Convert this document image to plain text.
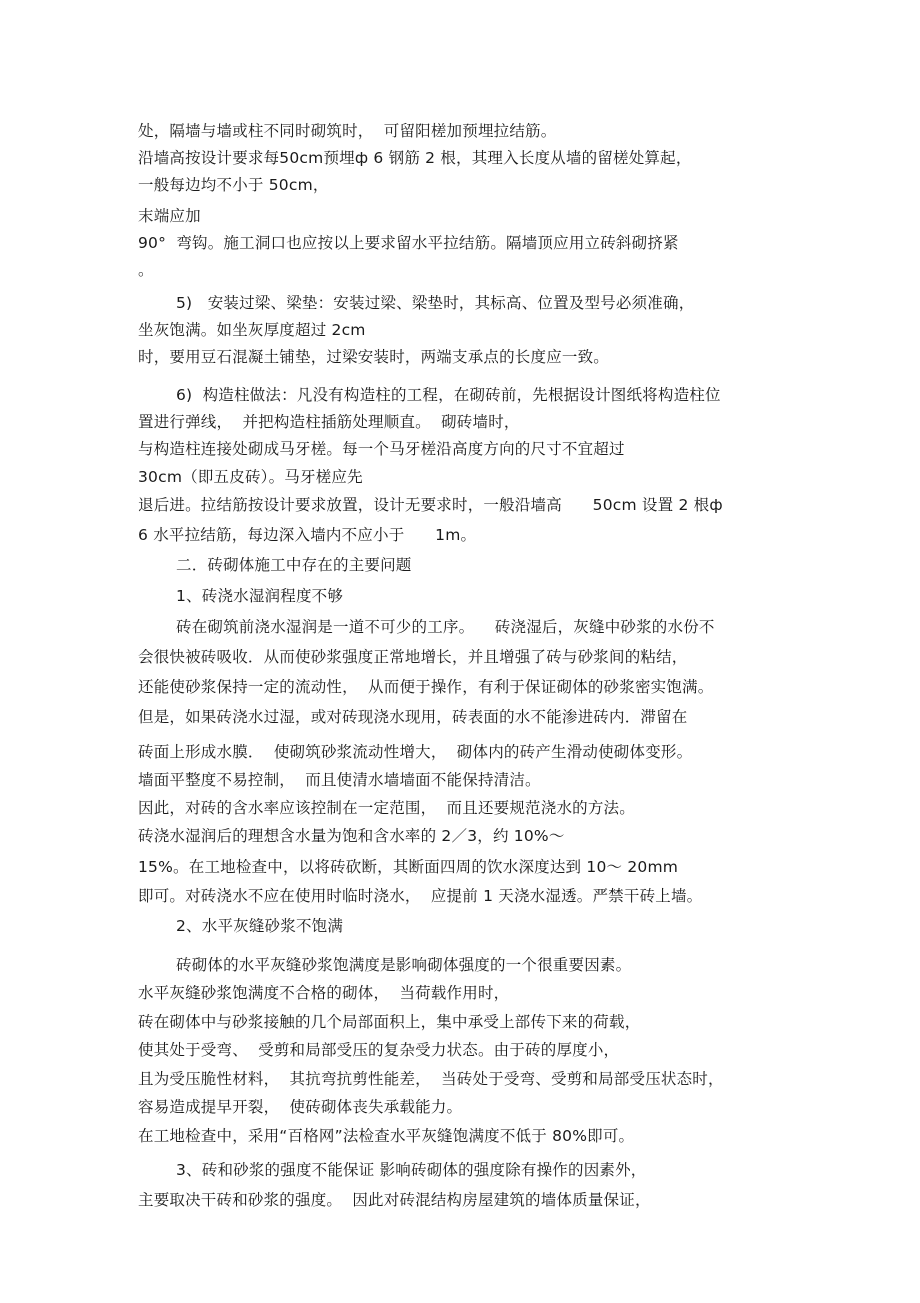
处，隔墙与墙或柱不同时砌筑时，  可留阳槎加预埋拉结筋。
沿墙高按设计要求每50cm预埋ф 6 钢筋 2 根，其理入长度从墙的留槎处算起，
一般每边均不小于 50cm，
末端应加
90°  弯钩。施工洞口也应按以上要求留水平拉结筋。隔墙顶应用立砖斜砌挤紧
。
5)   安装过梁、梁垫：安装过梁、梁垫时，其标高、位置及型号必须准确，
坐灰饱满。如坐灰厚度超过 2cm
时，要用豆石混凝土铺垫，过梁安装时，两端支承点的长度应一致。
6)  构造柱做法：凡没有构造柱的工程，在砌砖前，先根据设计图纸将构造柱位
置进行弹线，  并把构造柱插筋处理顺直。  砌砖墙时，
与构造柱连接处砌成马牙槎。每一个马牙槎沿高度方向的尺寸不宜超过
30cm（即五皮砖）。马牙槎应先
退后进。拉结筋按设计要求放置，设计无要求时，一般沿墙高      50cm 设置 2 根ф
6 水平拉结筋，每边深入墙内不应小于      1m。
二．砖砌体施工中存在的主要问题
1、砖浇水湿润程度不够
砖在砌筑前浇水湿润是一道不可少的工序。    砖浇湿后，灰缝中砂浆的水份不
会很快被砖吸收．从而使砂浆强度正常地增长，并且增强了砖与砂浆间的粘结，
还能使砂浆保持一定的流动性，  从而便于操作，有利于保证砌体的砂浆密实饱满。
但是，如果砖浇水过湿，或对砖现浇水现用，砖表面的水不能渗进砖内．滞留在
砖面上形成水膜．  使砌筑砂浆流动性增大，  砌体内的砖产生滑动使砌体变形。
墙面平整度不易控制，  而且使清水墙墙面不能保持清洁。
因此，对砖的含水率应该控制在一定范围，  而且还要规范浇水的方法。
砖浇水湿润后的理想含水量为饱和含水率的 2／3，约 10%～
15%。在工地检查中，以将砖砍断，其断面四周的饮水深度达到 10～ 20mm
即可。对砖浇水不应在使用时临时浇水，  应提前 1 天浇水湿透。严禁干砖上墙。
2、水平灰缝砂浆不饱满
砖砌体的水平灰缝砂浆饱满度是影响砌体强度的一个很重要因素。
水平灰缝砂浆饱满度不合格的砌体，  当荷载作用时，
砖在砌体中与砂浆接触的几个局部面积上，集中承受上部传下来的荷载，
使其处于受弯、  受剪和局部受压的复杂受力状态。由于砖的厚度小，
且为受压脆性材料，  其抗弯抗剪性能差，  当砖处于受弯、受剪和局部受压状态时，
容易造成提早开裂，  使砖砌体丧失承载能力。
在工地检查中，采用“百格网”法检查水平灰缝饱满度不低于 80%即可。
3、砖和砂浆的强度不能保证 影响砖砌体的强度除有操作的因素外，
主要取决干砖和砂浆的强度。  因此对砖混结构房屋建筑的墙体质量保证，
